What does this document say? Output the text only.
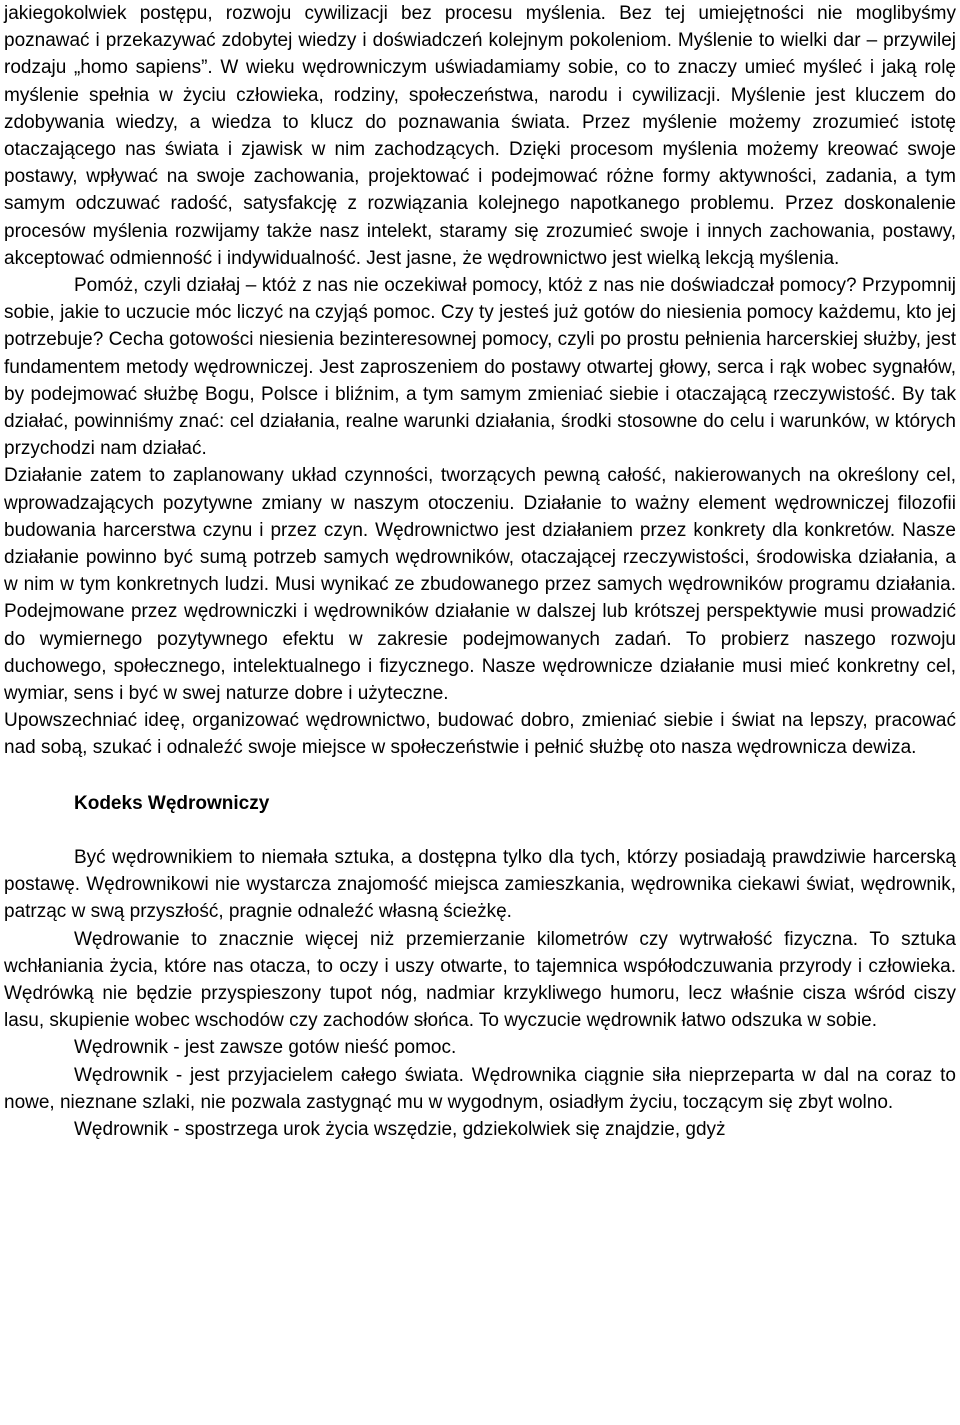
jakiegokolwiek postępu, rozwoju cywilizacji bez procesu myślenia. Bez tej umiejętności nie moglibyśmy poznawać i przekazywać zdobytej wiedzy i doświadczeń kolejnym pokoleniom. Myślenie to wielki dar – przywilej rodzaju „homo sapiens”. W wieku wędrowniczym uświadamiamy sobie, co to znaczy umieć myśleć i jaką rolę myślenie spełnia w życiu człowieka, rodziny, społeczeństwa, narodu i cywilizacji. Myślenie jest kluczem do zdobywania wiedzy, a wiedza to klucz do poznawania świata. Przez myślenie możemy zrozumieć istotę otaczającego nas świata i zjawisk w nim zachodzących. Dzięki procesom myślenia możemy kreować swoje postawy, wpływać na swoje zachowania, projektować i podejmować różne formy aktywności, zadania, a tym samym odczuwać radość, satysfakcję z rozwiązania kolejnego napotkanego problemu. Przez doskonalenie procesów myślenia rozwijamy także nasz intelekt, staramy się zrozumieć swoje i innych zachowania, postawy, akceptować odmienność i indywidualność. Jest jasne, że wędrownictwo jest wielką lekcją myślenia.

Pomóż, czyli działaj – któż z nas nie oczekiwał pomocy, któż z nas nie doświadczał pomocy? Przypomnij sobie, jakie to uczucie móc liczyć na czyjąś pomoc. Czy ty jesteś już gotów do niesienia pomocy każdemu, kto jej potrzebuje? Cecha gotowości niesienia bezinteresownej pomocy, czyli po prostu pełnienia harcerskiej służby, jest fundamentem metody wędrowniczej. Jest zaproszeniem do postawy otwartej głowy, serca i rąk wobec sygnałów, by podejmować służbę Bogu, Polsce i bliźnim, a tym samym zmieniać siebie i otaczającą rzeczywistość. By tak działać, powinniśmy znać: cel działania, realne warunki działania, środki stosowne do celu i warunków, w których przychodzi nam działać.

Działanie zatem to zaplanowany układ czynności, tworzących pewną całość, nakierowanych na określony cel, wprowadzających pozytywne zmiany w naszym otoczeniu. Działanie to ważny element wędrowniczej filozofii budowania harcerstwa czynu i przez czyn. Wędrownictwo jest działaniem przez konkrety dla konkretów. Nasze działanie powinno być sumą potrzeb samych wędrowników, otaczającej rzeczywistości, środowiska działania, a w nim w tym konkretnych ludzi. Musi wynikać ze zbudowanego przez samych wędrowników programu działania. Podejmowane przez wędrowniczki i wędrowników działanie w dalszej lub krótszej perspektywie musi prowadzić do wymiernego pozytywnego efektu w zakresie podejmowanych zadań. To probierz naszego rozwoju duchowego, społecznego, intelektualnego i fizycznego. Nasze wędrownicze działanie musi mieć konkretny cel, wymiar, sens i być w swej naturze dobre i użyteczne.

Upowszechniać ideę, organizować wędrownictwo, budować dobro, zmieniać siebie i świat na lepszy, pracować nad sobą, szukać i odnaleźć swoje miejsce w społeczeństwie i pełnić służbę oto nasza wędrownicza dewiza.

Kodeks Wędrowniczy

Być wędrownikiem to niemała sztuka, a dostępna tylko dla tych, którzy posiadają prawdziwie harcerską postawę. Wędrownikowi nie wystarcza znajomość miejsca zamieszkania, wędrownika ciekawi świat, wędrownik, patrząc w swą przyszłość, pragnie odnaleźć własną ścieżkę.

Wędrowanie to znacznie więcej niż przemierzanie kilometrów czy wytrwałość fizyczna. To sztuka wchłaniania życia, które nas otacza, to oczy i uszy otwarte, to tajemnica współodczuwania przyrody i człowieka. Wędrówką nie będzie przyspieszony tupot nóg, nadmiar krzykliwego humoru, lecz właśnie cisza wśród ciszy lasu, skupienie wobec wschodów czy zachodów słońca. To wyczucie wędrownik łatwo odszuka w sobie.

Wędrownik - jest zawsze gotów nieść pomoc.

Wędrownik - jest przyjacielem całego świata. Wędrownika ciągnie siła nieprzeparta w dal na coraz to nowe, nieznane szlaki, nie pozwala zastygnąć mu w wygodnym, osiadłym życiu, toczącym się zbyt wolno.

Wędrownik - spostrzega urok życia wszędzie, gdziekolwiek się znajdzie, gdyż
